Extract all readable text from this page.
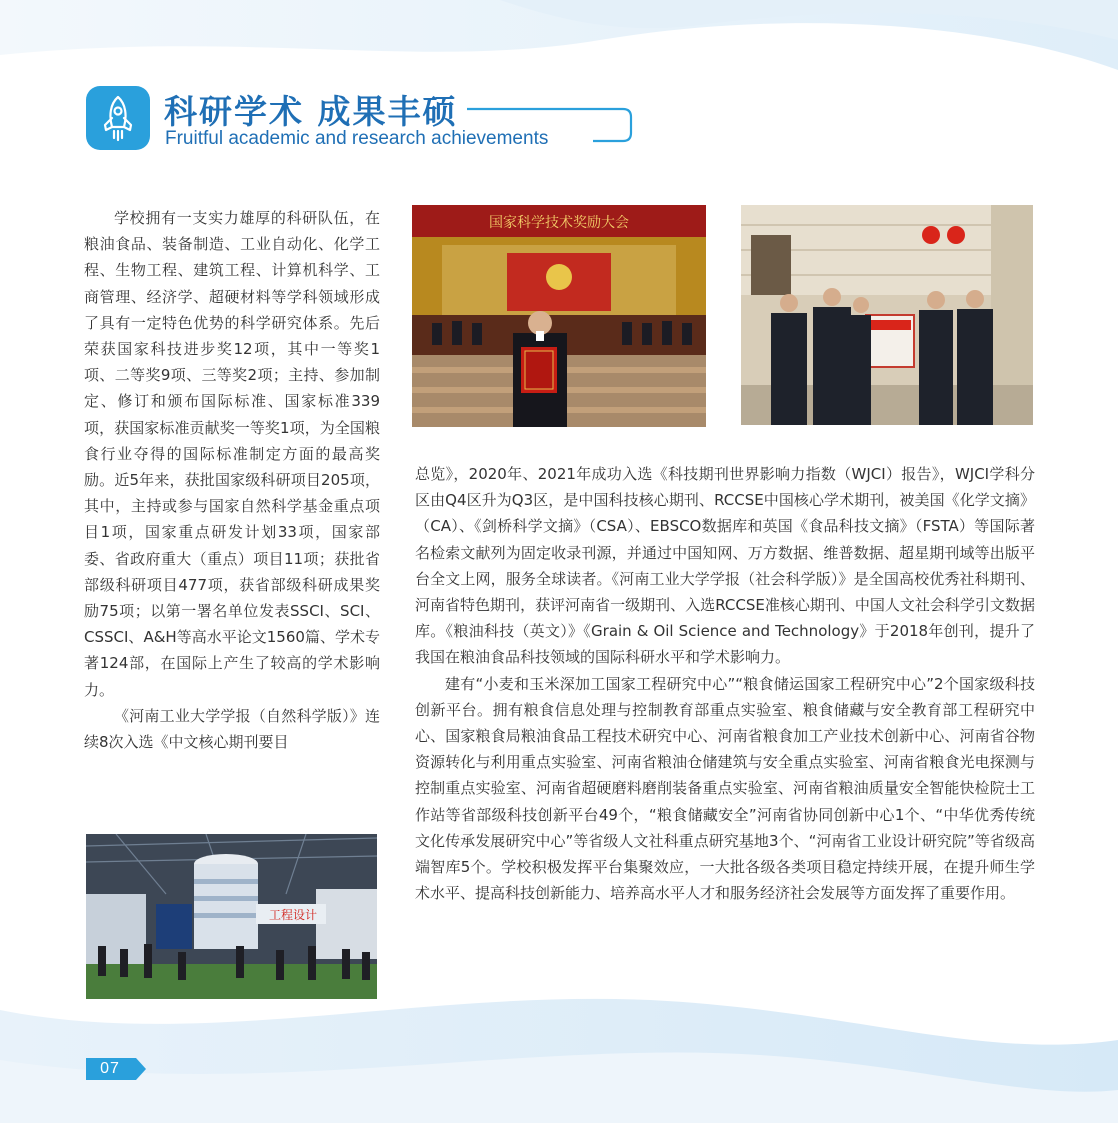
科研学术 成果丰硕
Fruitful academic and research achievements

学校拥有一支实力雄厚的科研队伍，在粮油食品、装备制造、工业自动化、化学工程、生物工程、建筑工程、计算机科学、工商管理、经济学、超硬材料等学科领域形成了具有一定特色优势的科学研究体系。先后荣获国家科技进步奖12项，其中一等奖1项、二等奖9项、三等奖2项；主持、参加制定、修订和颁布国际标准、国家标准339项，获国家标准贡献奖一等奖1项，为全国粮食行业夺得的国际标准制定方面的最高奖励。近5年来，获批国家级科研项目205项，其中，主持或参与国家自然科学基金重点项目1项，国家重点研发计划33项，国家部委、省政府重大（重点）项目11项；获批省部级科研项目477项，获省部级科研成果奖励75项；以第一署名单位发表SSCI、SCI、CSSCI、A&H等高水平论文1560篇、学术专著124部，在国际上产生了较高的学术影响力。

《河南工业大学学报（自然科学版）》连续8次入选《中文核心期刊要目

总览》，2020年、2021年成功入选《科技期刊世界影响力指数（WJCI）报告》，WJCI学科分区由Q4区升为Q3区，是中国科技核心期刊、RCCSE中国核心学术期刊，被美国《化学文摘》（CA）、《剑桥科学文摘》（CSA）、EBSCO数据库和英国《食品科技文摘》（FSTA）等国际著名检索文献列为固定收录刊源，并通过中国知网、万方数据、维普数据、超星期刊域等出版平台全文上网，服务全球读者。《河南工业大学学报（社会科学版）》是全国高校优秀社科期刊、河南省特色期刊，获评河南省一级期刊、入选RCCSE准核心期刊、中国人文社会科学引文数据库。《粮油科技（英文）》《Grain & Oil Science and Technology》于2018年创刊，提升了我国在粮油食品科技领域的国际科研水平和学术影响力。

建有“小麦和玉米深加工国家工程研究中心”“粮食储运国家工程研究中心”2个国家级科技创新平台。拥有粮食信息处理与控制教育部重点实验室、粮食储藏与安全教育部工程研究中心、国家粮食局粮油食品工程技术研究中心、河南省粮食加工产业技术创新中心、河南省谷物资源转化与利用重点实验室、河南省粮油仓储建筑与安全重点实验室、河南省粮食光电探测与控制重点实验室、河南省超硬磨料磨削装备重点实验室、河南省粮油质量安全智能快检院士工作站等省部级科技创新平台49个，“粮食储藏安全”河南省协同创新中心1个、“中华优秀传统文化传承发展研究中心”等省级人文社科重点研究基地3个、“河南省工业设计研究院”等省级高端智库5个。学校积极发挥平台集聚效应，一大批各级各类项目稳定持续开展，在提升师生学术水平、提高科技创新能力、培养高水平人才和服务经济社会发展等方面发挥了重要作用。

国家科学技术奖励大会
工程设计
07
